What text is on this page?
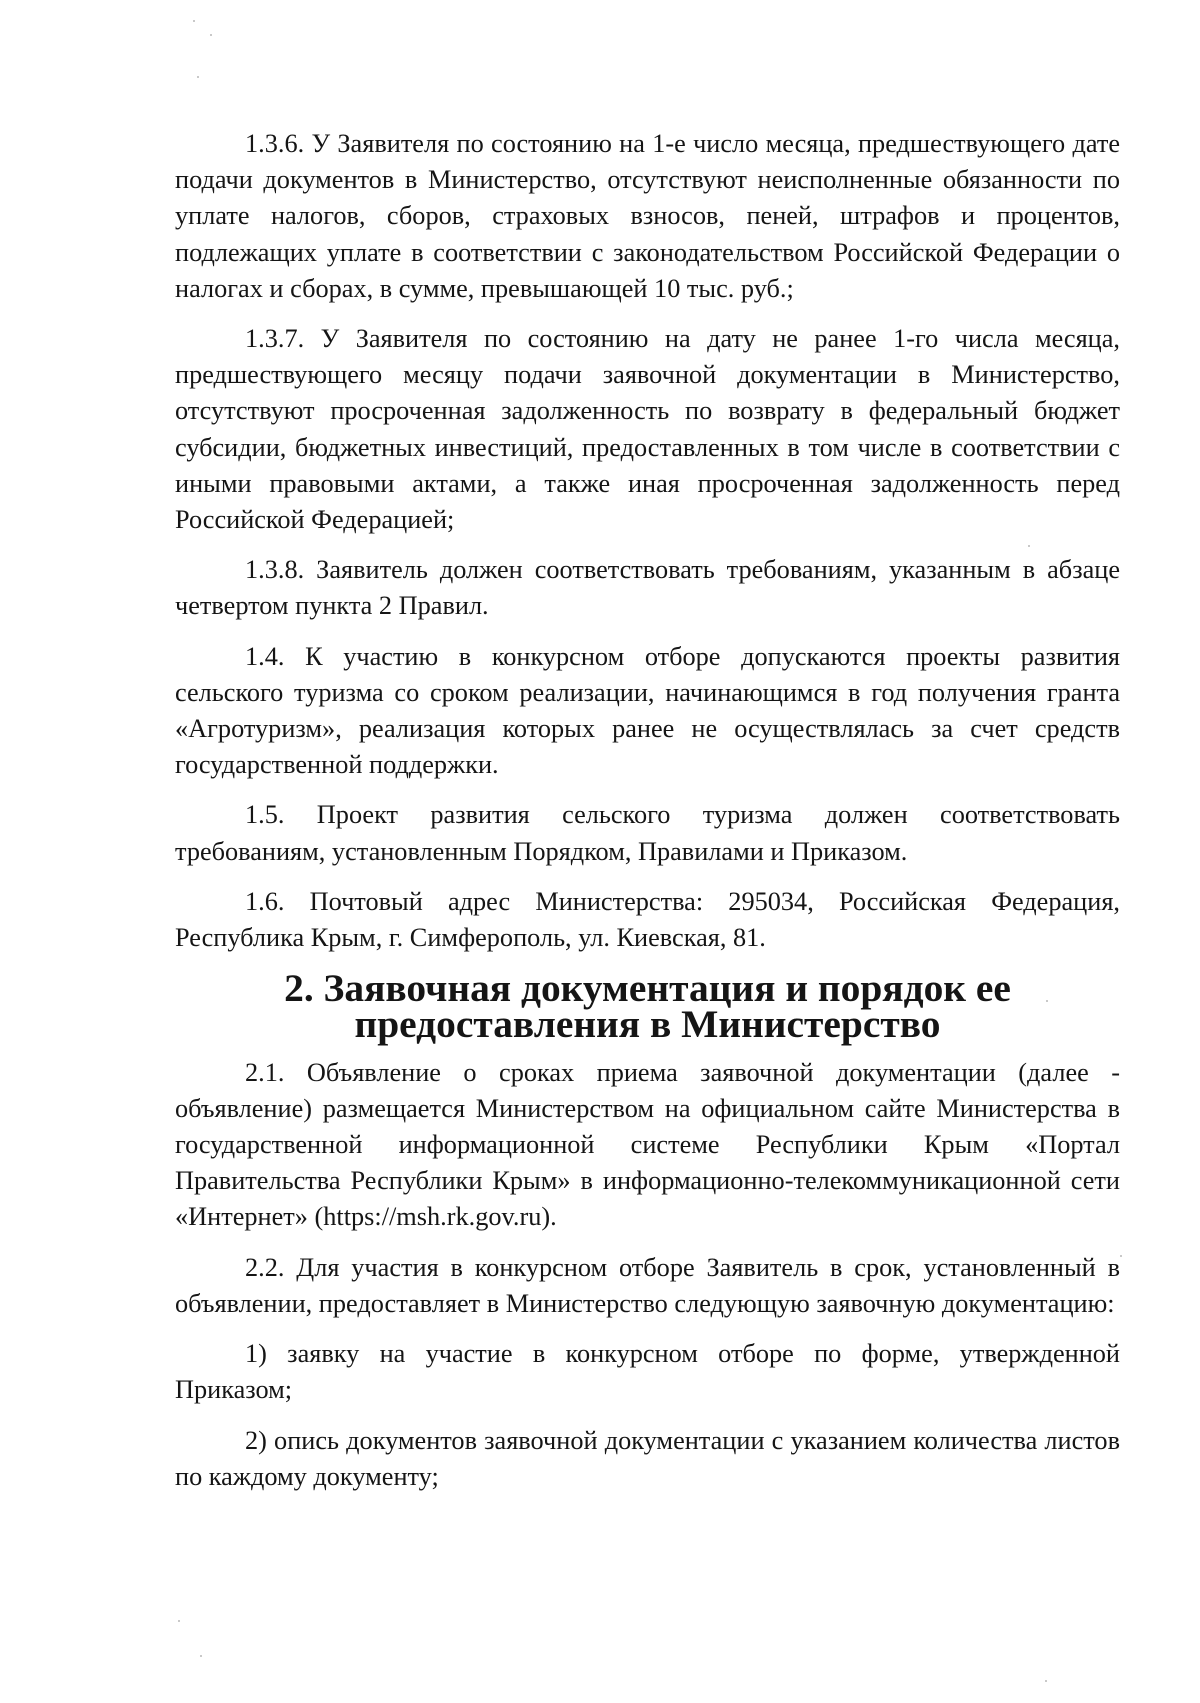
1.3.6. У Заявителя по состоянию на 1-е число месяца, предшествующего дате подачи документов в Министерство, отсутствуют неисполненные обязанности по уплате налогов, сборов, страховых взносов, пеней, штрафов и процентов, подлежащих уплате в соответствии с законодательством Российской Федерации о налогах и сборах, в сумме, превышающей 10 тыс. руб.;

1.3.7. У Заявителя по состоянию на дату не ранее 1-го числа месяца, предшествующего месяцу подачи заявочной документации в Министерство, отсутствуют просроченная задолженность по возврату в федеральный бюджет субсидии, бюджетных инвестиций, предоставленных в том числе в соответствии с иными правовыми актами, а также иная просроченная задолженность перед Российской Федерацией;

1.3.8. Заявитель должен соответствовать требованиям, указанным в абзаце четвертом пункта 2 Правил.

1.4. К участию в конкурсном отборе допускаются проекты развития сельского туризма со сроком реализации, начинающимся в год получения гранта «Агротуризм», реализация которых ранее не осуществлялась за счет средств государственной поддержки.

1.5. Проект развития сельского туризма должен соответствовать требованиям, установленным Порядком, Правилами и Приказом.

1.6. Почтовый адрес Министерства: 295034, Российская Федерация, Республика Крым, г. Симферополь, ул. Киевская, 81.

2. Заявочная документация и порядок ее предоставления в Министерство

2.1. Объявление о сроках приема заявочной документации (далее - объявление) размещается Министерством на официальном сайте Министерства в государственной информационной системе Республики Крым «Портал Правительства Республики Крым» в информационно-телекоммуникационной сети «Интернет» (https://msh.rk.gov.ru).

2.2. Для участия в конкурсном отборе Заявитель в срок, установленный в объявлении, предоставляет в Министерство следующую заявочную документацию:

1) заявку на участие в конкурсном отборе по форме, утвержденной Приказом;

2) опись документов заявочной документации с указанием количества листов по каждому документу;
